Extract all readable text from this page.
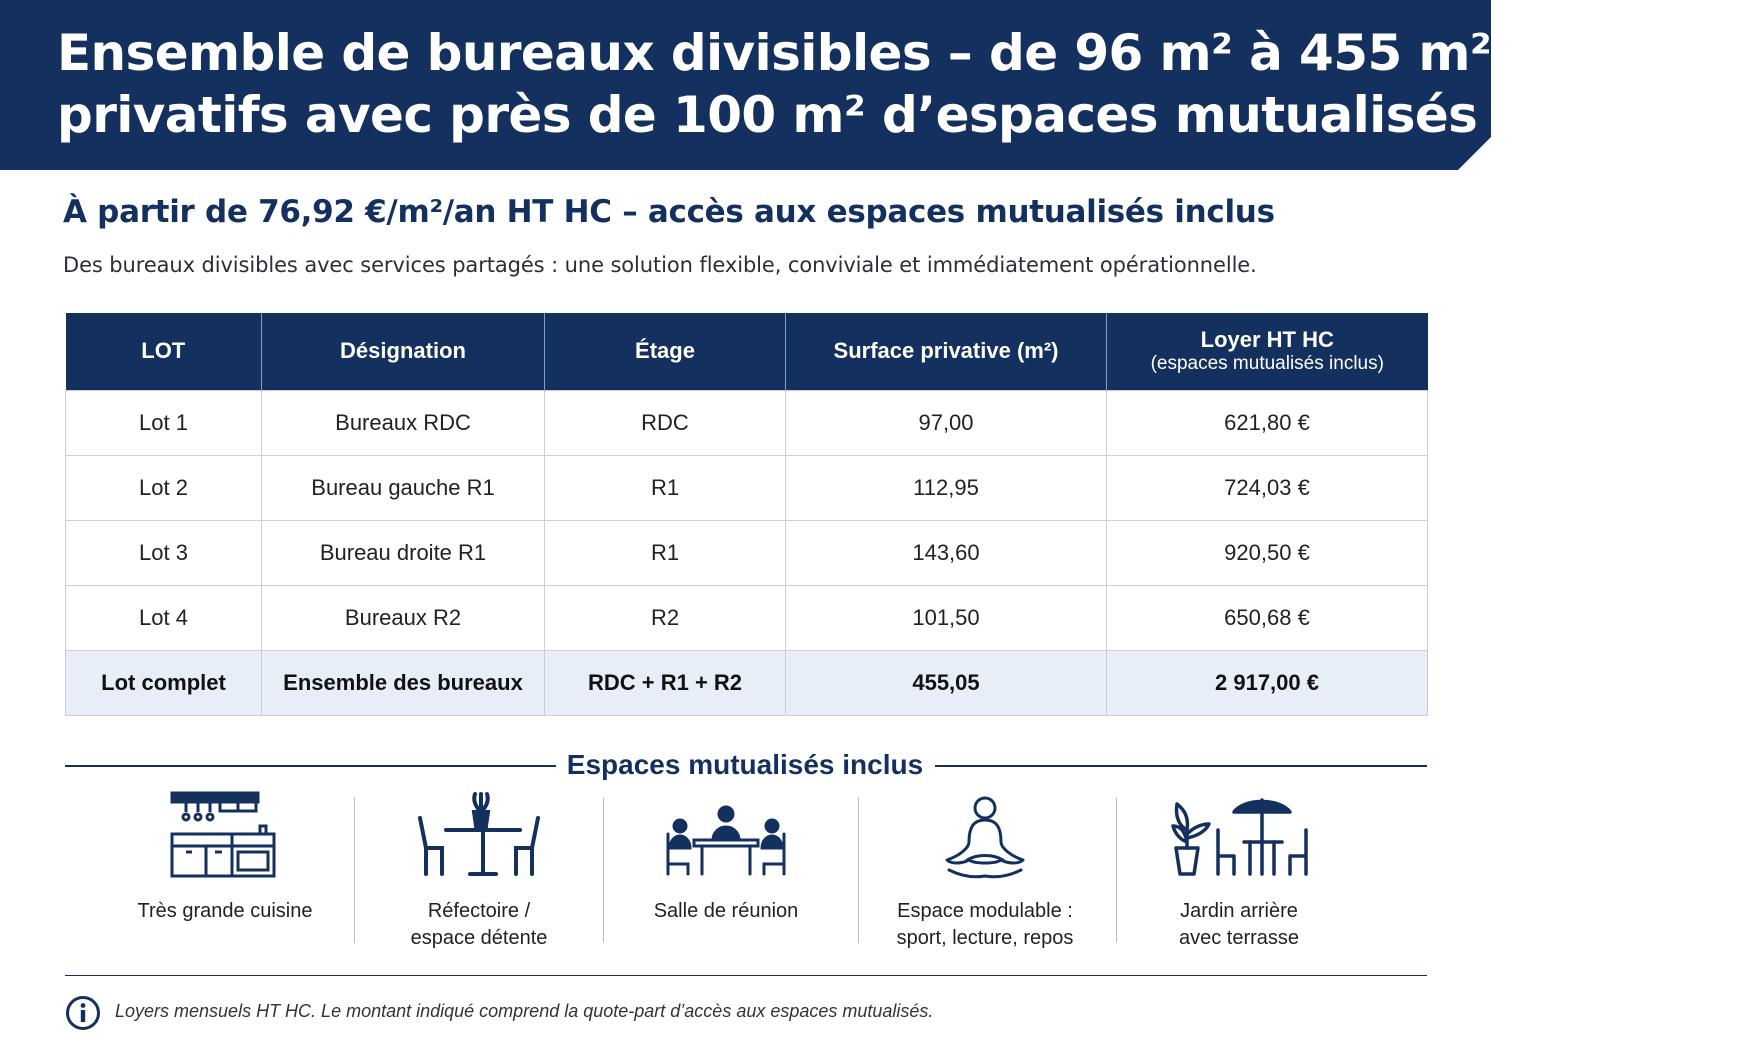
Ensemble de bureaux divisibles – de 96 m² à 455 m²
privatifs avec près de 100 m² d’espaces mutualisés premium
À partir de 76,92 €/m²/an HT HC – accès aux espaces mutualisés inclus
Des bureaux divisibles avec services partagés : une solution flexible, conviviale et immédiatement opérationnelle.
LOT	Désignation	Étage	Surface privative (m²)	Loyer HT HC
(espaces mutualisés inclus)

Lot 1	Bureaux RDC	RDC	97,00	621,80 €
Lot 2	Bureau gauche R1	R1	112,95	724,03 €
Lot 3	Bureau droite R1	R1	143,60	920,50 €
Lot 4	Bureaux R2	R2	101,50	650,68 €
Lot complet	Ensemble des bureaux	RDC + R1 + R2	455,05	2 917,00 €
Espaces mutualisés inclus
Très grande cuisine	Réfectoire /
espace détente
Salle de réunion	Espace modulable :
sport, lecture, repos
Jardin arrière
avec terrasse
Loyers mensuels HT HC. Le montant indiqué comprend la quote-part d’accès aux espaces mutualisés.
